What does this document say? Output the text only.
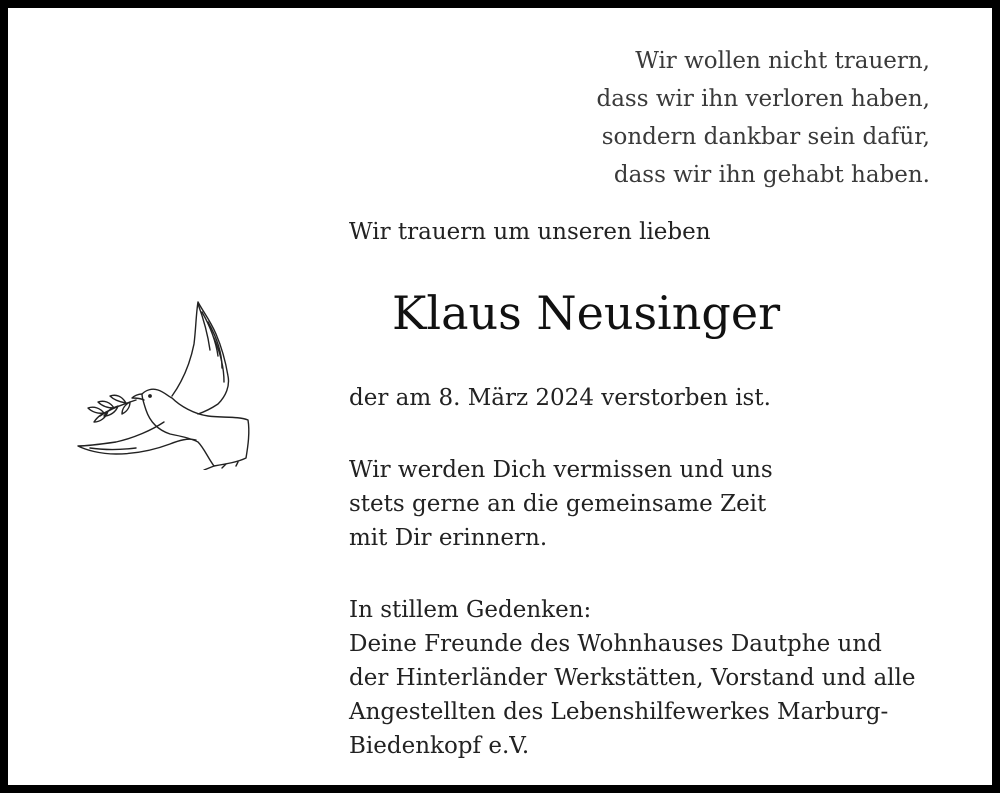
Wir wollen nicht trauern,
dass wir ihn verloren haben,
sondern dankbar sein dafür,
dass wir ihn gehabt haben.
Wir trauern um unseren lieben
Klaus Neusinger
der am 8. März 2024 verstorben ist.
Wir werden Dich vermissen und uns
stets gerne an die gemeinsame Zeit
mit Dir erinnern.
In stillem Gedenken:
Deine Freunde des Wohnhauses Dautphe und
der Hinterländer Werkstätten, Vorstand und alle
Angestellten des Lebenshilfewerkes Marburg-
Biedenkopf e.V.
